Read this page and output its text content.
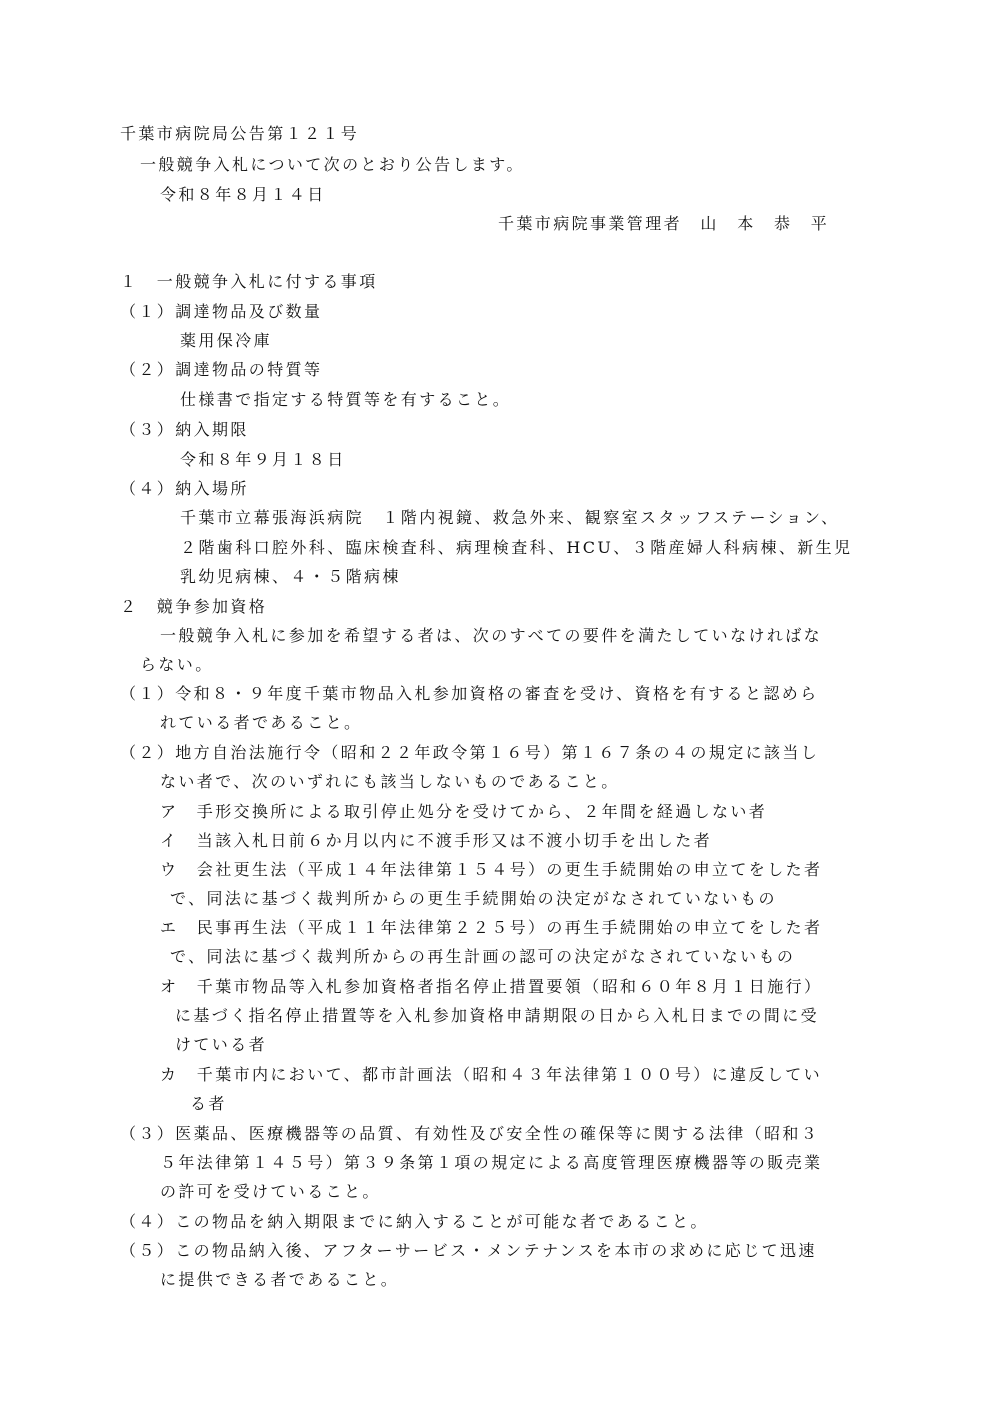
千葉市病院局公告第１２１号
一般競争入札について次のとおり公告します。
令和８年８月１４日
千葉市病院事業管理者　山　本　恭　平
１　一般競争入札に付する事項
（１）調達物品及び数量
薬用保冷庫
（２）調達物品の特質等
仕様書で指定する特質等を有すること。
（３）納入期限
令和８年９月１８日
（４）納入場所
千葉市立幕張海浜病院　１階内視鏡、救急外来、観察室スタッフステーション、
２階歯科口腔外科、臨床検査科、病理検査科、HCU、３階産婦人科病棟、新生児
乳幼児病棟、４・５階病棟
２　競争参加資格
一般競争入札に参加を希望する者は、次のすべての要件を満たしていなければな
らない。
（１）令和８・９年度千葉市物品入札参加資格の審査を受け、資格を有すると認めら
れている者であること。
（２）地方自治法施行令（昭和２２年政令第１６号）第１６７条の４の規定に該当し
ない者で、次のいずれにも該当しないものであること。
ア　手形交換所による取引停止処分を受けてから、２年間を経過しない者
イ　当該入札日前６か月以内に不渡手形又は不渡小切手を出した者
ウ　会社更生法（平成１４年法律第１５４号）の更生手続開始の申立てをした者
で、同法に基づく裁判所からの更生手続開始の決定がなされていないもの
エ　民事再生法（平成１１年法律第２２５号）の再生手続開始の申立てをした者
で、同法に基づく裁判所からの再生計画の認可の決定がなされていないもの
オ　千葉市物品等入札参加資格者指名停止措置要領（昭和６０年８月１日施行）
に基づく指名停止措置等を入札参加資格申請期限の日から入札日までの間に受
けている者
カ　千葉市内において、都市計画法（昭和４３年法律第１００号）に違反してい
る者
（３）医薬品、医療機器等の品質、有効性及び安全性の確保等に関する法律（昭和３
５年法律第１４５号）第３９条第１項の規定による高度管理医療機器等の販売業
の許可を受けていること。
（４）この物品を納入期限までに納入することが可能な者であること。
（５）この物品納入後、アフターサービス・メンテナンスを本市の求めに応じて迅速
に提供できる者であること。
